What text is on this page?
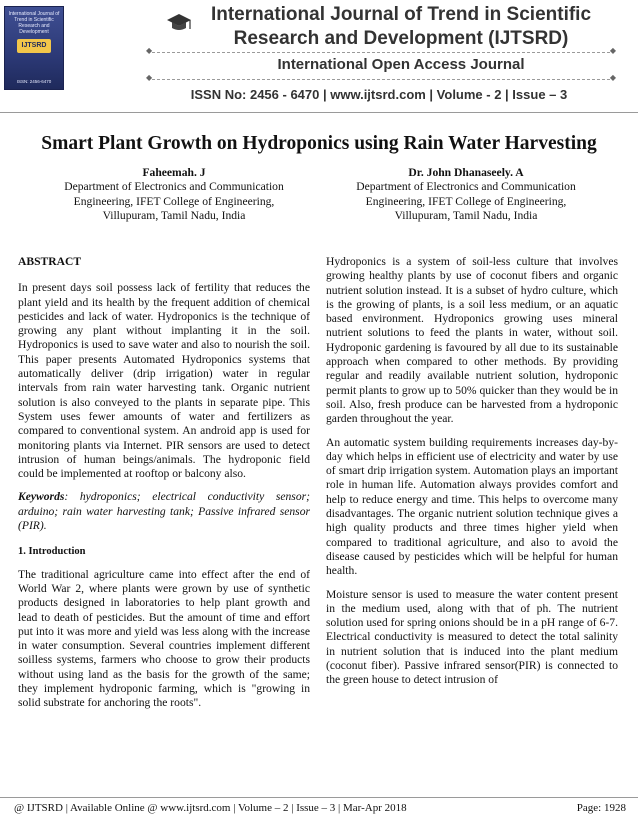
International Journal of Trend in Scientific Research and Development
IJTSRD
ISSN: 2456-6470
International Journal of Trend in Scientific
Research and Development (IJTSRD)
◆ ◆
International Open Access Journal
◆ ◆
ISSN No: 2456 - 6470 | www.ijtsrd.com | Volume - 2 | Issue – 3
Smart Plant Growth on Hydroponics using Rain Water Harvesting
Faheemah. J
Department of Electronics and Communication
Engineering, IFET College of Engineering,
Villupuram, Tamil Nadu, India
Dr. John Dhanaseely. A
Department of Electronics and Communication
Engineering, IFET College of Engineering,
Villupuram, Tamil Nadu, India
ABSTRACT

In present days soil possess lack of fertility that reduces the plant yield and its health by the frequent addition of chemical pesticides and lack of water. Hydroponics is the technique of growing any plant without implanting it in the soil. Hydroponics is used to save water and also to nourish the soil. This paper presents Automated Hydroponics systems that automatically deliver (drip irrigation) water in regular intervals from rain water harvesting tank. Organic nutrient solution is also conveyed to the plants in separate pipe. This System uses fewer amounts of water and fertilizers as compared to conventional system. An android app is used for monitoring plants via Internet. PIR sensors are used to detect intrusion of human beings/animals. The hydroponic field could be implemented at rooftop or balcony also.

Keywords: hydroponics; electrical conductivity sensor; arduino; rain water harvesting tank; Passive infrared sensor (PIR).

1. Introduction

The traditional agriculture came into effect after the end of World War 2, where plants were grown by use of synthetic products designed in laboratories to help plant growth and lead to death of pesticides. But the amount of time and effort put into it was more and yield was less along with the increase in water consumption. Several countries implement different soilless systems, farmers who choose to grow their products without using land as the basis for the growth of the same; they implement hydroponic farming, which is "growing in solid substrate for anchoring the roots".

Hydroponics is a system of soil-less culture that involves growing healthy plants by use of coconut fibers and organic nutrient solution instead. It is a subset of hydro culture, which is the growing of plants, is a soil less medium, or an aquatic based environment. Hydroponics growing uses mineral nutrient solutions to feed the plants in water, without soil. Hydroponic gardening is favoured by all due to its sustainable approach when compared to other methods. By providing regular and readily available nutrient solution, hydroponic permit plants to grow up to 50% quicker than they would be in soil. Also, fresh produce can be harvested from a hydroponic garden throughout the year.

An automatic system building requirements increases day-by-day which helps in efficient use of electricity and water by use of smart drip irrigation system. Automation plays an important role in human life. Automation always provides comfort and help to reduce energy and time. This helps to overcome many disadvantages. The organic nutrient solution technique gives a high quality products and three times higher yield when compared to traditional agriculture, and also to avoid the disease caused by pesticides which will be helpful for human health.

Moisture sensor is used to measure the water content present in the medium used, along with that of ph. The nutrient solution used for spring onions should be in a pH range of 6-7. Electrical conductivity is measured to detect the total salinity in nutrient solution that is induced into the plant medium (coconut fiber). Passive infrared sensor(PIR) is connected to the green house to detect intrusion of

@ IJTSRD | Available Online @ www.ijtsrd.com | Volume – 2 | Issue – 3 | Mar-Apr 2018	Page: 1928
